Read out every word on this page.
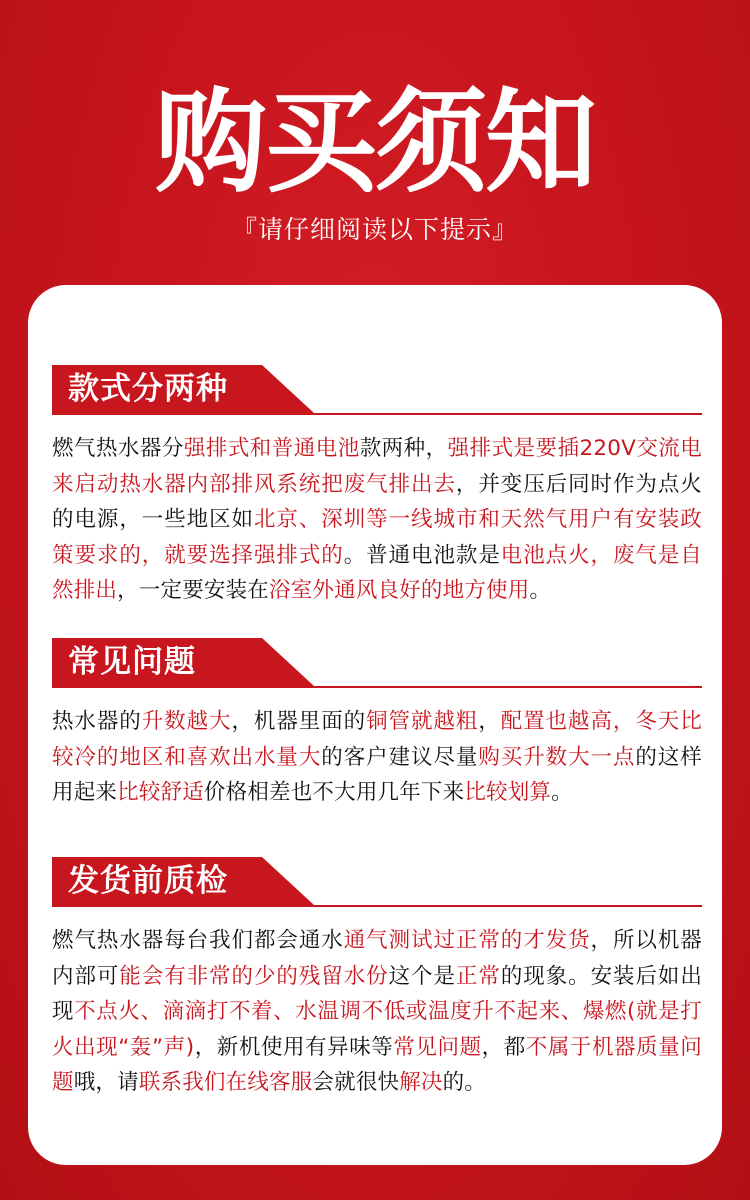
购买须知
『请仔细阅读以下提示』
款式分两种
燃气热水器分强排式和普通电池款两种，强排式是要插220V交流电来启动热水器内部排风系统把废气排出去，并变压后同时作为点火的电源，一些地区如北京、深圳等一线城市和天然气用户有安装政策要求的，就要选择强排式的。普通电池款是电池点火，废气是自然排出，一定要安装在浴室外通风良好的地方使用。
常见问题
热水器的升数越大，机器里面的铜管就越粗，配置也越高，冬天比较冷的地区和喜欢出水量大的客户建议尽量购买升数大一点的这样用起来比较舒适价格相差也不大用几年下来比较划算。
发货前质检
燃气热水器每台我们都会通水通气测试过正常的才发货，所以机器内部可能会有非常的少的残留水份这个是正常的现象。安装后如出现不点火、滴滴打不着、水温调不低或温度升不起来、爆燃(就是打火出现“轰”声)，新机使用有异味等常见问题，都不属于机器质量问题哦，请联系我们在线客服会就很快解决的。
